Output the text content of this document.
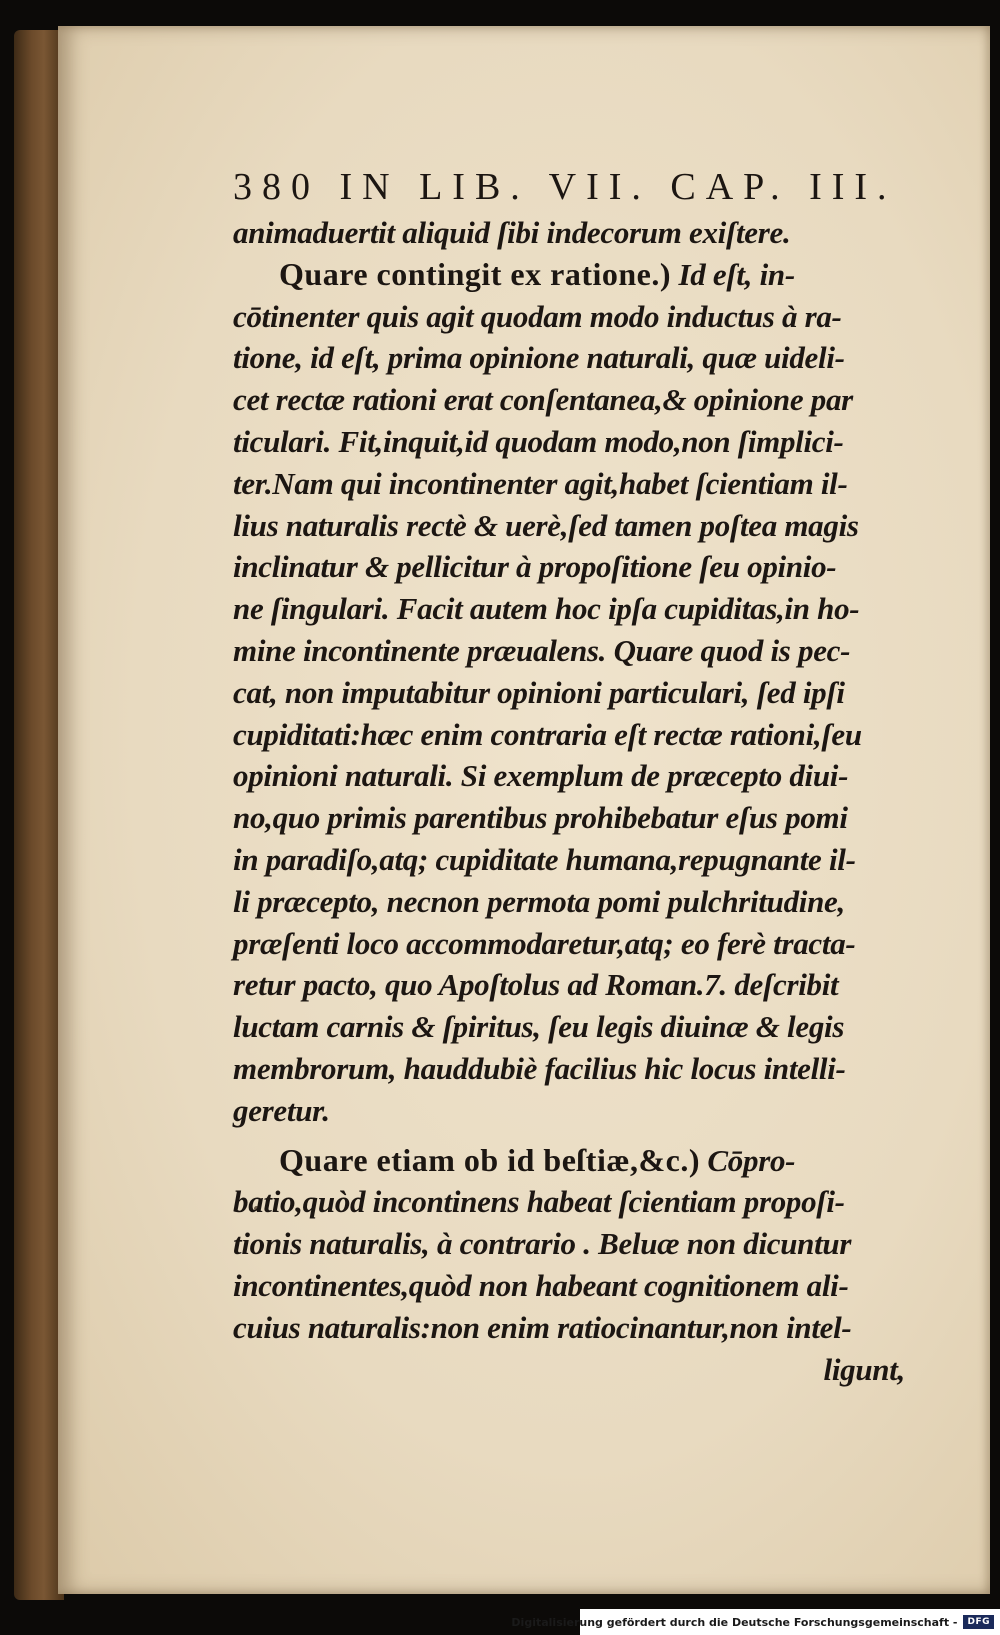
380 IN LIB. VII. CAP. III.
animaduertit aliquid ſibi indecorum exiſtere.
Quare contingit ex ratione.) Id eſt, in-
cōtinenter quis agit quodam modo inductus à ra-
tione, id eſt, prima opinione naturali, quæ uideli-
cet rectæ rationi erat conſentanea,& opinione par
ticulari. Fit,inquit,id quodam modo,non ſimplici-
ter.Nam qui incontinenter agit,habet ſcientiam il-
lius naturalis rectè & uerè,ſed tamen poſtea magis
inclinatur & pellicitur à propoſitione ſeu opinio-
ne ſingulari. Facit autem hoc ipſa cupiditas,in ho-
mine incontinente præualens. Quare quod is pec-
cat, non imputabitur opinioni particulari, ſed ipſi
cupiditati:hæc enim contraria eſt rectæ rationi,ſeu
opinioni naturali. Si exemplum de præcepto diui-
no,quo primis parentibus prohibebatur eſus pomi
in paradiſo,atq; cupiditate humana,repugnante il-
li præcepto, necnon permota pomi pulchritudine,
præſenti loco accommodaretur,atq; eo ferè tracta-
retur pacto, quo Apoſtolus ad Roman.7. deſcribit
luctam carnis & ſpiritus, ſeu legis diuinæ & legis
membrorum, hauddubiè facilius hic locus intelli-
geretur.
Quare etiam ob id beſtiæ,&c.) Cōpro-
batio,quòd incontinens habeat ſcientiam propoſi-
tionis naturalis, à contrario . Beluæ non dicuntur
incontinentes,quòd non habeant cognitionem ali-
cuius naturalis:non enim ratiocinantur,non intel-
ligunt,
Digitalisierung gefördert durch die Deutsche Forschungsgemeinschaft -	DFG
